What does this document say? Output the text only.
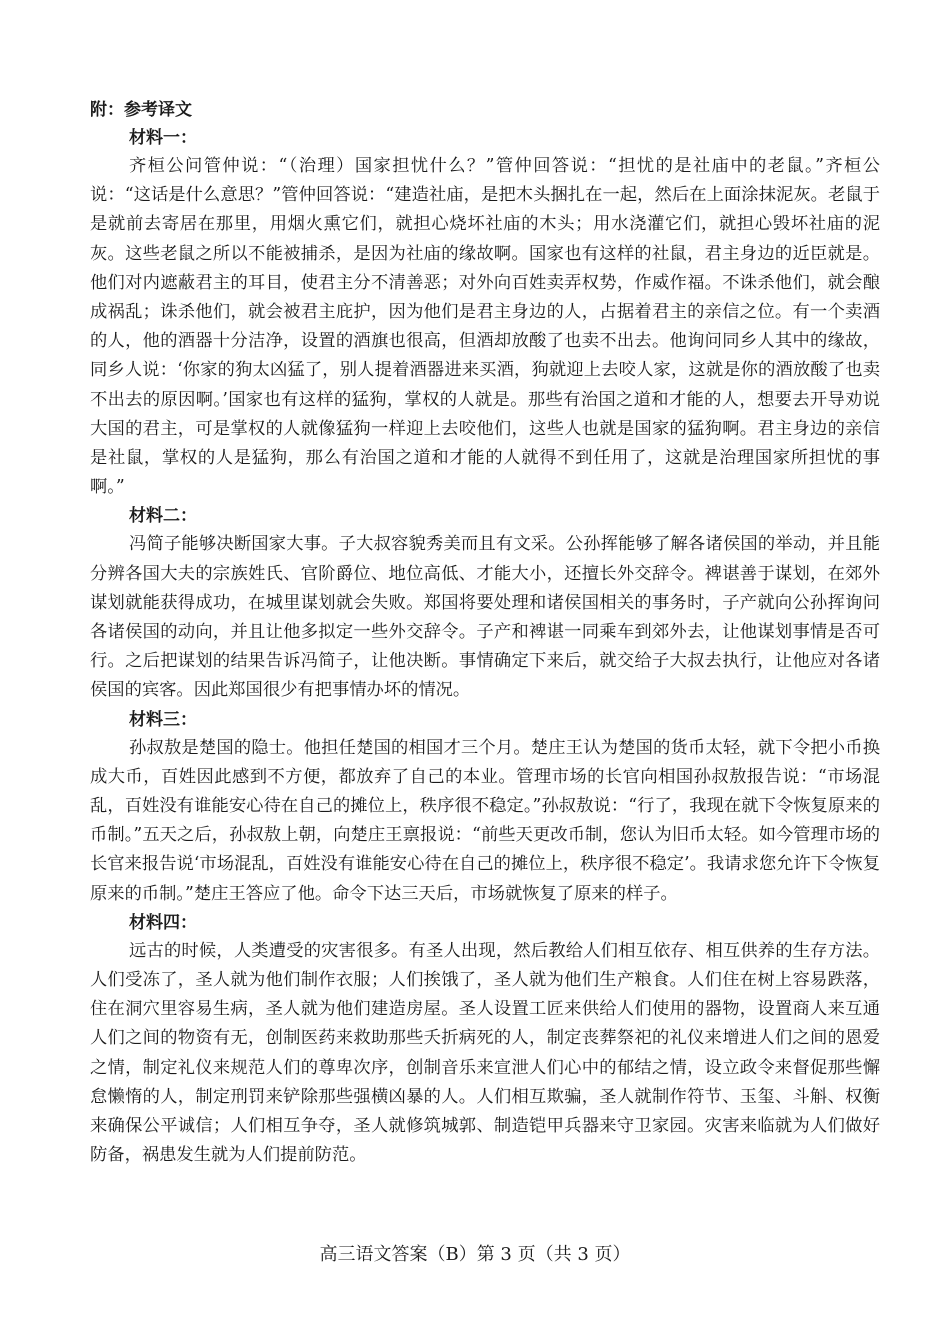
附：参考译文
材料一：

齐桓公问管仲说：“（治理）国家担忧什么？”管仲回答说：“担忧的是社庙中的老鼠。”齐桓公说：“这话是什么意思？”管仲回答说：“建造社庙，是把木头捆扎在一起，然后在上面涂抹泥灰。老鼠于是就前去寄居在那里，用烟火熏它们，就担心烧坏社庙的木头；用水浇灌它们，就担心毁坏社庙的泥灰。这些老鼠之所以不能被捕杀，是因为社庙的缘故啊。国家也有这样的社鼠，君主身边的近臣就是。他们对内遮蔽君主的耳目，使君主分不清善恶；对外向百姓卖弄权势，作威作福。不诛杀他们，就会酿成祸乱；诛杀他们，就会被君主庇护，因为他们是君主身边的人，占据着君主的亲信之位。有一个卖酒的人，他的酒器十分洁净，设置的酒旗也很高，但酒却放酸了也卖不出去。他询问同乡人其中的缘故，同乡人说：‘你家的狗太凶猛了，别人提着酒器进来买酒，狗就迎上去咬人家，这就是你的酒放酸了也卖不出去的原因啊。’国家也有这样的猛狗，掌权的人就是。那些有治国之道和才能的人，想要去开导劝说大国的君主，可是掌权的人就像猛狗一样迎上去咬他们，这些人也就是国家的猛狗啊。君主身边的亲信是社鼠，掌权的人是猛狗，那么有治国之道和才能的人就得不到任用了，这就是治理国家所担忧的事啊。”

材料二：

冯简子能够决断国家大事。子大叔容貌秀美而且有文采。公孙挥能够了解各诸侯国的举动，并且能分辨各国大夫的宗族姓氏、官阶爵位、地位高低、才能大小，还擅长外交辞令。裨谌善于谋划，在郊外谋划就能获得成功，在城里谋划就会失败。郑国将要处理和诸侯国相关的事务时，子产就向公孙挥询问各诸侯国的动向，并且让他多拟定一些外交辞令。子产和裨谌一同乘车到郊外去，让他谋划事情是否可行。之后把谋划的结果告诉冯简子，让他决断。事情确定下来后，就交给子大叔去执行，让他应对各诸侯国的宾客。因此郑国很少有把事情办坏的情况。

材料三：

孙叔敖是楚国的隐士。他担任楚国的相国才三个月。楚庄王认为楚国的货币太轻，就下令把小币换成大币，百姓因此感到不方便，都放弃了自己的本业。管理市场的长官向相国孙叔敖报告说：“市场混乱，百姓没有谁能安心待在自己的摊位上，秩序很不稳定。”孙叔敖说：“行了，我现在就下令恢复原来的币制。”五天之后，孙叔敖上朝，向楚庄王禀报说：“前些天更改币制，您认为旧币太轻。如今管理市场的长官来报告说‘市场混乱，百姓没有谁能安心待在自己的摊位上，秩序很不稳定’。我请求您允许下令恢复原来的币制。”楚庄王答应了他。命令下达三天后，市场就恢复了原来的样子。

材料四：

远古的时候，人类遭受的灾害很多。有圣人出现，然后教给人们相互依存、相互供养的生存方法。人们受冻了，圣人就为他们制作衣服；人们挨饿了，圣人就为他们生产粮食。人们住在树上容易跌落，住在洞穴里容易生病，圣人就为他们建造房屋。圣人设置工匠来供给人们使用的器物，设置商人来互通人们之间的物资有无，创制医药来救助那些夭折病死的人，制定丧葬祭祀的礼仪来增进人们之间的恩爱之情，制定礼仪来规范人们的尊卑次序，创制音乐来宣泄人们心中的郁结之情，设立政令来督促那些懈怠懒惰的人，制定刑罚来铲除那些强横凶暴的人。人们相互欺骗，圣人就制作符节、玉玺、斗斛、权衡来确保公平诚信；人们相互争夺，圣人就修筑城郭、制造铠甲兵器来守卫家园。灾害来临就为人们做好防备，祸患发生就为人们提前防范。

高三语文答案（B）第 3 页（共 3 页）
